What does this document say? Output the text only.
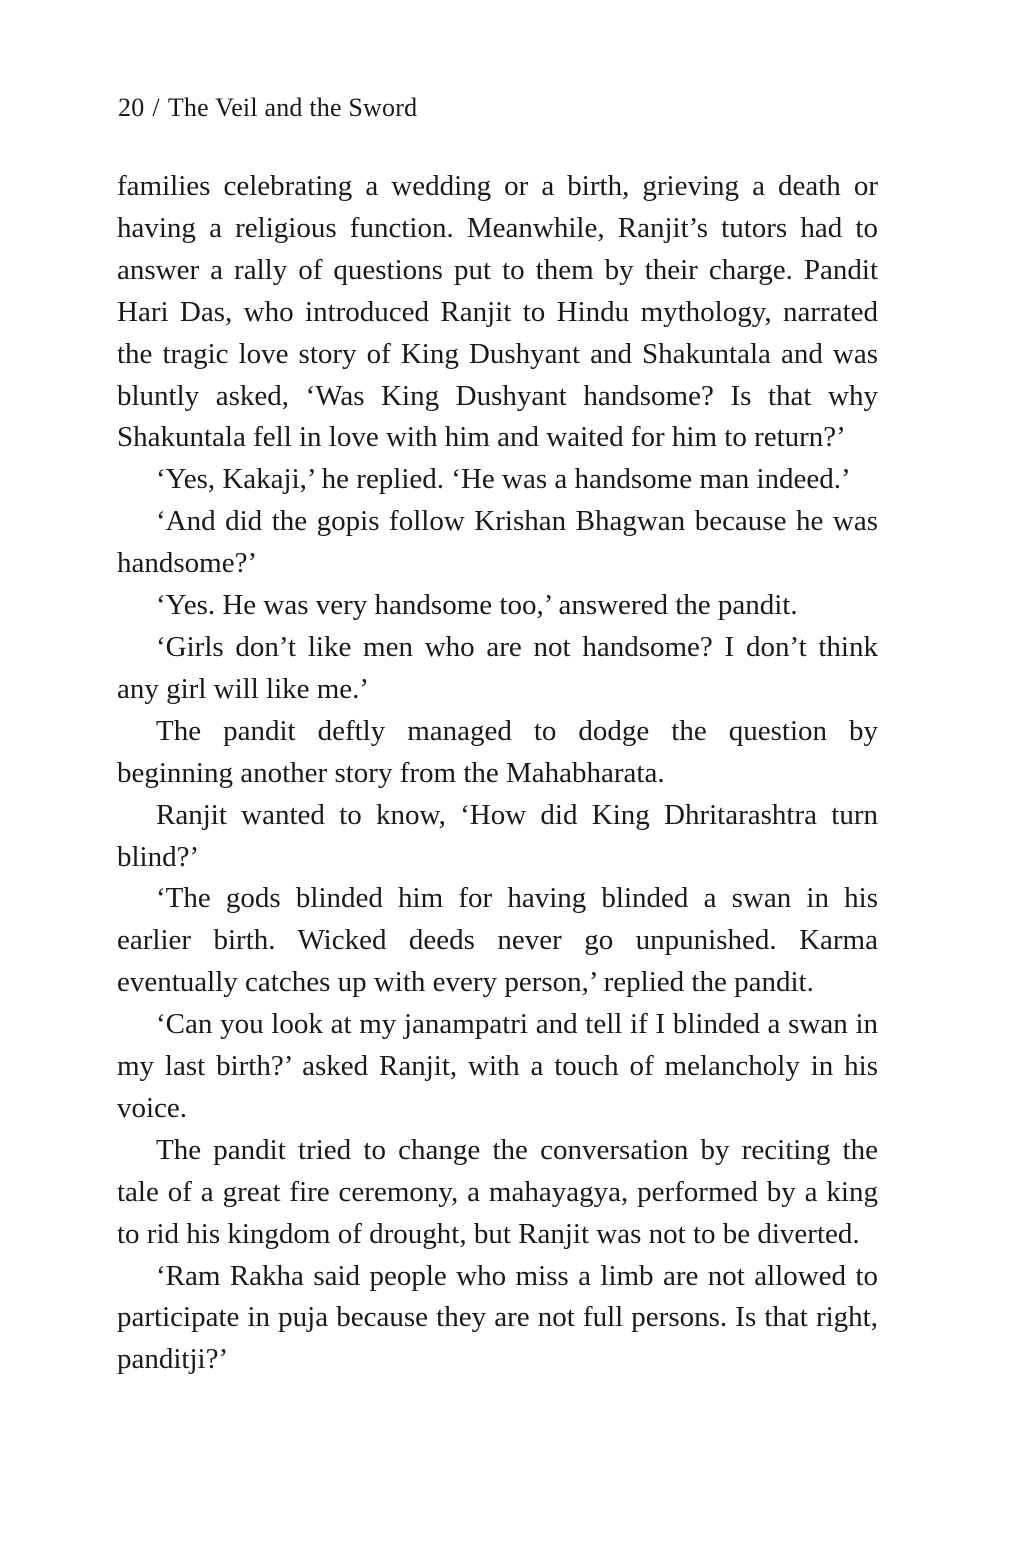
20 / The Veil and the Sword

families celebrating a wedding or a birth, grieving a death or having a religious function. Meanwhile, Ranjit’s tutors had to answer a rally of questions put to them by their charge. Pandit Hari Das, who introduced Ranjit to Hindu mythology, narrated the tragic love story of King Dushyant and Shakuntala and was bluntly asked, ‘Was King Dushyant handsome? Is that why Shakuntala fell in love with him and waited for him to return?’

‘Yes, Kakaji,’ he replied. ‘He was a handsome man indeed.’

‘And did the gopis follow Krishan Bhagwan because he was handsome?’

‘Yes. He was very handsome too,’ answered the pandit.

‘Girls don’t like men who are not handsome? I don’t think any girl will like me.’

The pandit deftly managed to dodge the question by beginning another story from the Mahabharata.

Ranjit wanted to know, ‘How did King Dhritarashtra turn blind?’

‘The gods blinded him for having blinded a swan in his earlier birth. Wicked deeds never go unpunished. Karma eventually catches up with every person,’ replied the pandit.

‘Can you look at my janampatri and tell if I blinded a swan in my last birth?’ asked Ranjit, with a touch of melancholy in his voice.

The pandit tried to change the conversation by reciting the tale of a great fire ceremony, a mahayagya, performed by a king to rid his kingdom of drought, but Ranjit was not to be diverted.

‘Ram Rakha said people who miss a limb are not allowed to participate in puja because they are not full persons. Is that right, panditji?’
